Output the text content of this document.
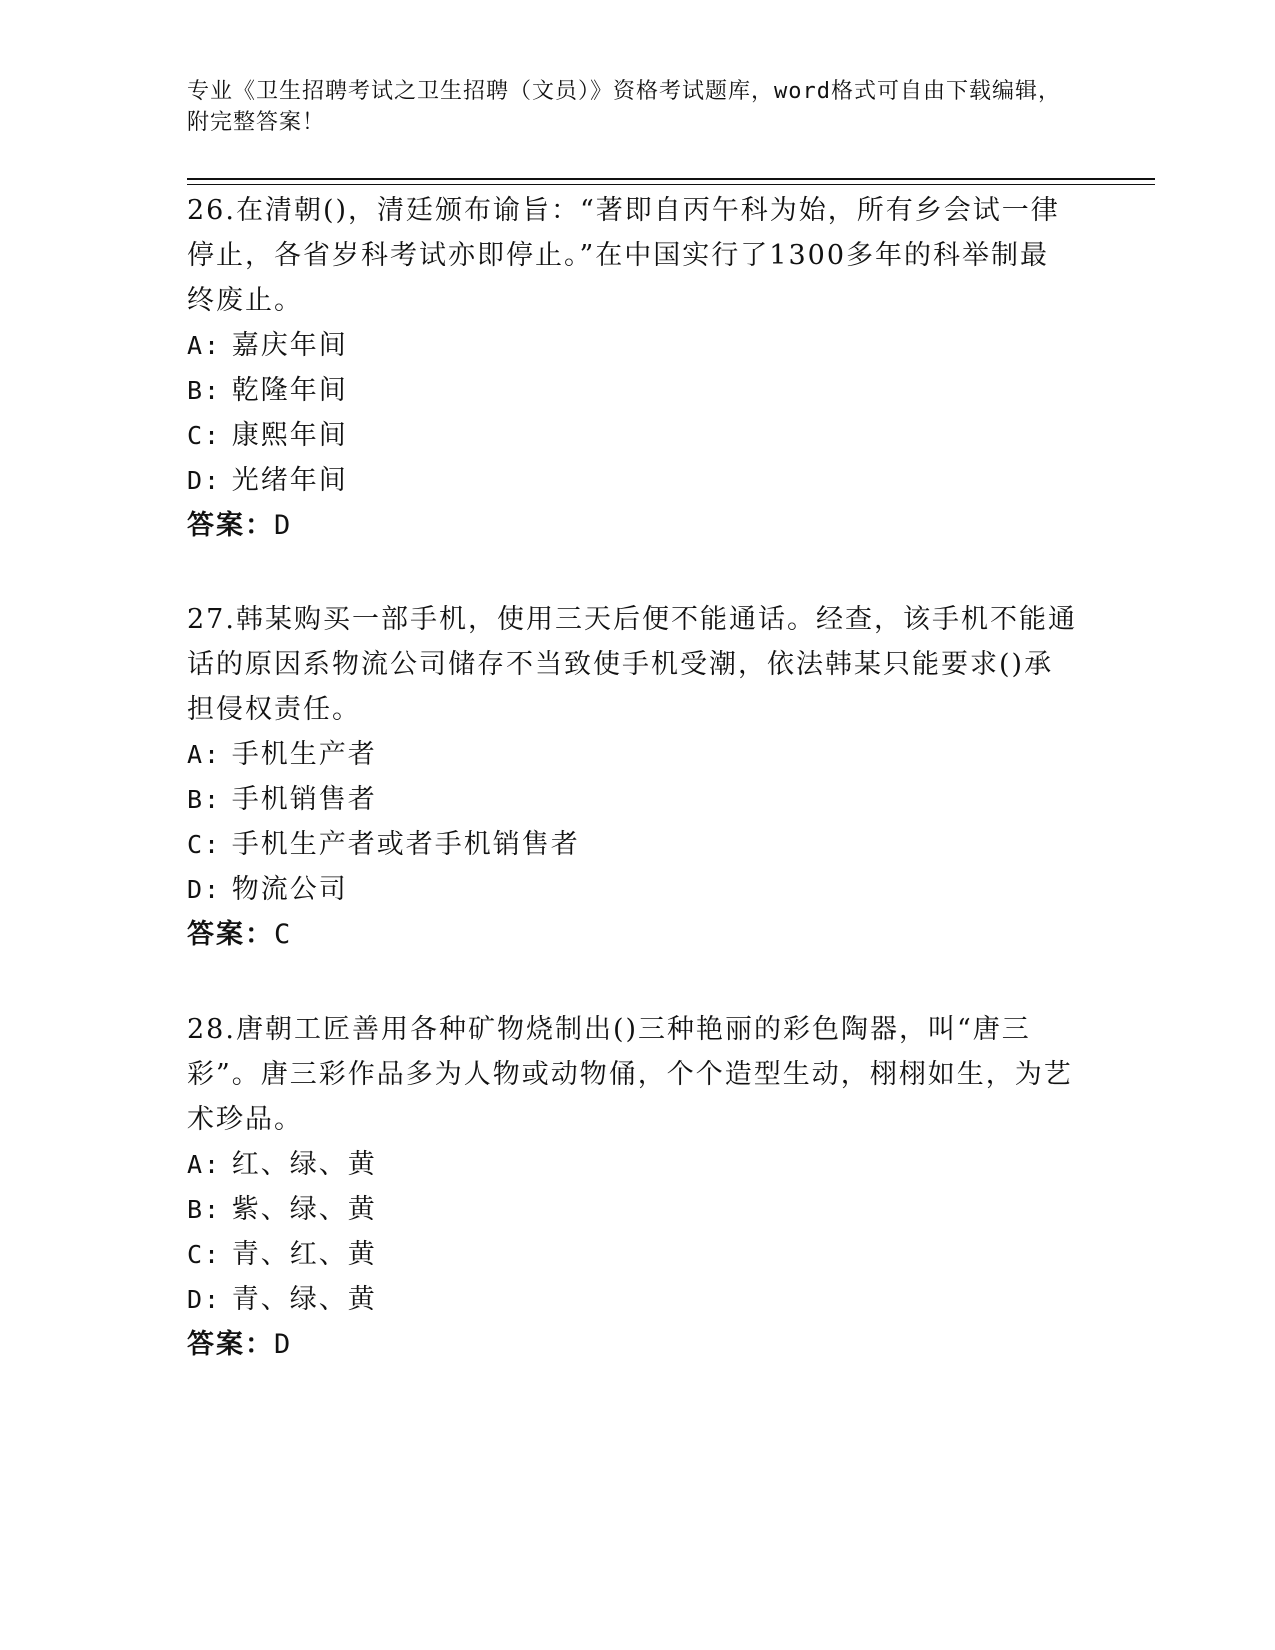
专业《卫生招聘考试之卫生招聘（文员）》资格考试题库，word格式可自由下载编辑，附完整答案！

26.在清朝()，清廷颁布谕旨：“著即自丙午科为始，所有乡会试一律停止，各省岁科考试亦即停止。”在中国实行了1300多年的科举制最终废止。

A: 嘉庆年间

B: 乾隆年间

C: 康熙年间

D: 光绪年间

答案：D

27.韩某购买一部手机，使用三天后便不能通话。经查，该手机不能通话的原因系物流公司储存不当致使手机受潮，依法韩某只能要求()承担侵权责任。

A: 手机生产者

B: 手机销售者

C: 手机生产者或者手机销售者

D: 物流公司

答案：C

28.唐朝工匠善用各种矿物烧制出()三种艳丽的彩色陶器，叫“唐三彩”。唐三彩作品多为人物或动物俑，个个造型生动，栩栩如生，为艺术珍品。

A: 红、绿、黄

B: 紫、绿、黄

C: 青、红、黄

D: 青、绿、黄

答案：D
